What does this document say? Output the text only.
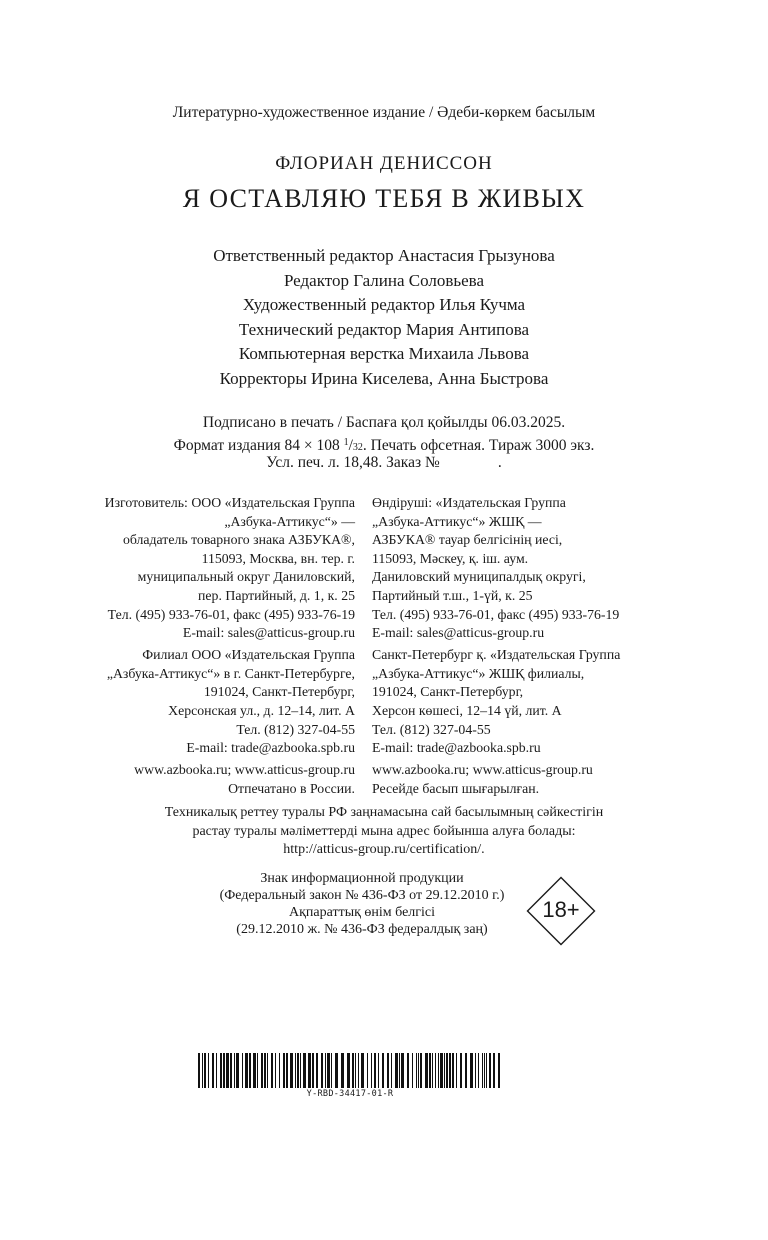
Литературно-художественное издание / Әдеби-көркем басылым
ФЛОРИАН ДЕНИССОН
Я ОСТАВЛЯЮ ТЕБЯ В ЖИВЫХ
Ответственный редактор Анастасия Грызунова
Редактор Галина Соловьева
Художественный редактор Илья Кучма
Технический редактор Мария Антипова
Компьютерная верстка Михаила Львова
Корректоры Ирина Киселева, Анна Быстрова
Подписано в печать / Баспаға қол қойылды 06.03.2025.
Формат издания 84 × 108 1/32. Печать офсетная. Тираж 3000 экз.
Усл. печ. л. 18,48. Заказ №               .
Изготовитель: ООО «Издательская Группа
„Азбука-Аттикус“» —
обладатель товарного знака АЗБУКА®,
115093, Москва, вн. тер. г.
муниципальный округ Даниловский,
пер. Партийный, д. 1, к. 25
Тел. (495) 933-76-01, факс (495) 933-76-19
E-mail: sales@atticus-group.ru
Филиал ООО «Издательская Группа
„Азбука-Аттикус“» в г. Санкт-Петербурге,
191024, Санкт-Петербург,
Херсонская ул., д. 12–14, лит. А
Тел. (812) 327-04-55
E-mail: trade@azbooka.spb.ru
www.azbooka.ru; www.atticus-group.ru
Отпечатано в России.
Өндіруші: «Издательская Группа
„Азбука-Аттикус“» ЖШҚ —
АЗБУКА® тауар белгісінің иесі,
115093, Мәскеу, қ. іш. аум.
Даниловский муниципалдық округі,
Партийный т.ш., 1-үй, к. 25
Тел. (495) 933-76-01, факс (495) 933-76-19
E-mail: sales@atticus-group.ru
Санкт-Петербург қ. «Издательская Группа
„Азбука-Аттикус“» ЖШҚ филиалы,
191024, Санкт-Петербург,
Херсон көшесі, 12–14 үй, лит. А
Тел. (812) 327-04-55
E-mail: trade@azbooka.spb.ru
www.azbooka.ru; www.atticus-group.ru
Ресейде басып шығарылған.
Техникалық реттеу туралы РФ заңнамасына сай басылымның сәйкестігін
растау туралы мәліметтерді мына адрес бойынша алуға болады:
http://atticus-group.ru/certification/.
Знак информационной продукции
(Федеральный закон № 436-ФЗ от 29.12.2010 г.)
Ақпараттық өнім белгісі
(29.12.2010 ж. № 436-ФЗ федералдық заң)
18+
Y-RBD-34417-01-R
